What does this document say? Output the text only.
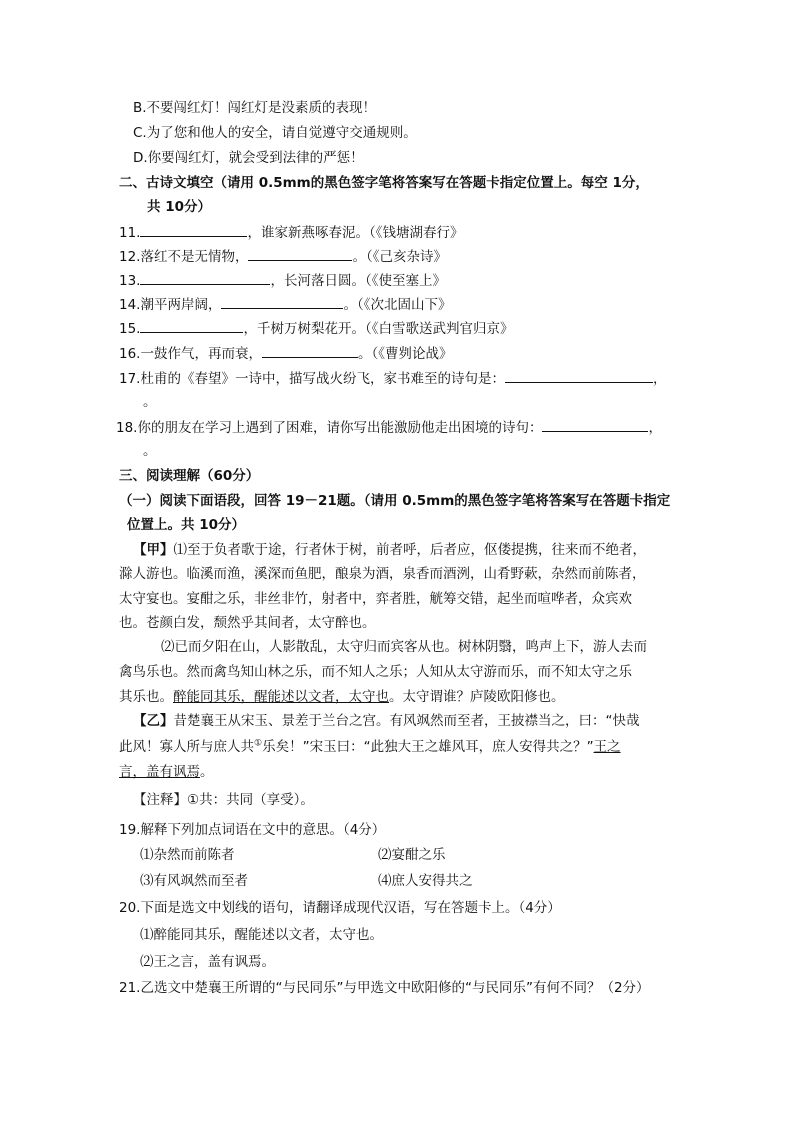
B.不要闯红灯！闯红灯是没素质的表现！
C.为了您和他人的安全，请自觉遵守交通规则。
D.你要闯红灯，就会受到法律的严惩！
二、古诗文填空（请用 0.5mm的黑色签字笔将答案写在答题卡指定位置上。每空 1分，
共 10分）
11.	，谁家新燕啄春泥。（《钱塘湖春行》
12.落红不是无情物，	。（《己亥杂诗》
13.	，长河落日圆。（《使至塞上》
14.潮平两岸阔，	。（《次北固山下》
15.	，千树万树梨花开。（《白雪歌送武判官归京》
16.一鼓作气，再而衰，	。（《曹刿论战》
17.杜甫的《春望》一诗中，描写战火纷飞，家书难至的诗句是：	，
。
18.你的朋友在学习上遇到了困难，请你写出能激励他走出困境的诗句：	，
。
三、阅读理解（60分）
（一）阅读下面语段，回答 19－21题。（请用 0.5mm的黑色签字笔将答案写在答题卡指定
位置上。共 10分）
【甲】⑴至于负者歌于途，行者休于树，前者呼，后者应，伛偻提携，往来而不绝者，
滁人游也。临溪而渔，溪深而鱼肥，酿泉为酒，泉香而酒洌，山肴野蔌，杂然而前陈者，
太守宴也。宴酣之乐，非丝非竹，射者中，弈者胜，觥筹交错，起坐而喧哗者，众宾欢
也。苍颜白发，颓然乎其间者，太守醉也。
⑵已而夕阳在山，人影散乱，太守归而宾客从也。树林阴翳，鸣声上下，游人去而
禽鸟乐也。然而禽鸟知山林之乐，而不知人之乐；人知从太守游而乐，而不知太守之乐
其乐也。醉能同其乐，醒能述以文者，太守也。太守谓谁？庐陵欧阳修也。
【乙】昔楚襄王从宋玉、景差于兰台之宫。有风飒然而至者，王披襟当之，曰：“快哉
此风！寡人所与庶人共①乐矣！”宋玉曰：“此独大王之雄风耳，庶人安得共之？”王之
言，盖有讽焉。
【注释】①共：共同（享受）。
19.解释下列加点词语在文中的意思。（4分）
⑴杂然而前陈者	⑵宴酣之乐
⑶有风飒然而至者	⑷庶人安得共之
20.下面是选文中划线的语句，请翻译成现代汉语，写在答题卡上。（4分）
⑴醉能同其乐，醒能述以文者，太守也。
⑵王之言，盖有讽焉。
21.乙选文中楚襄王所谓的“与民同乐”与甲选文中欧阳修的“与民同乐”有何不同？（2分）
